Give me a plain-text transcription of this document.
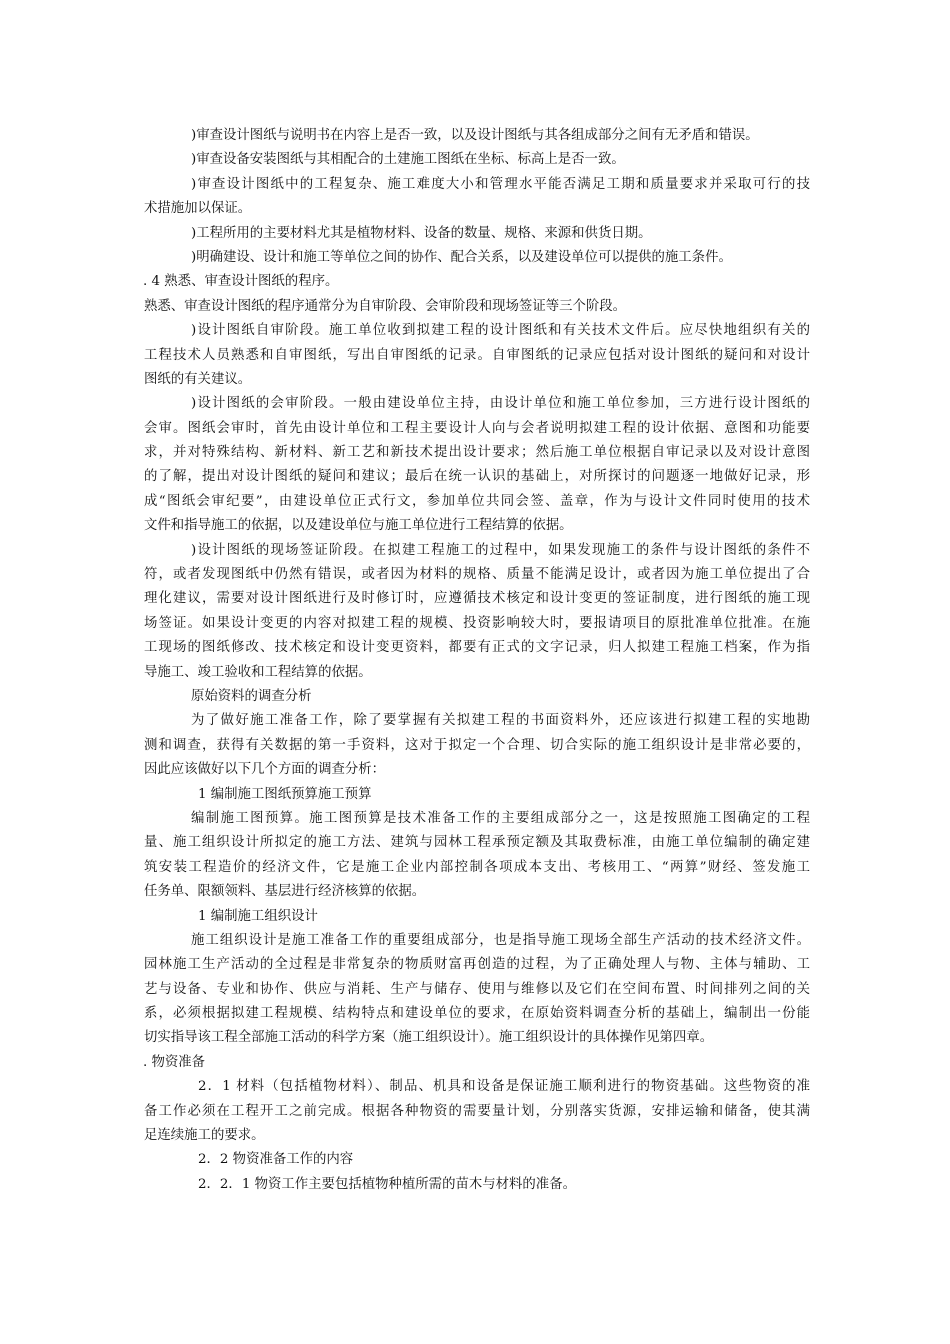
)审查设计图纸与说明书在内容上是否一致，以及设计图纸与其各组成部分之间有无矛盾和错误。
)审查设备安装图纸与其相配合的土建施工图纸在坐标、标高上是否一致。
)审查设计图纸中的工程复杂、施工难度大小和管理水平能否满足工期和质量要求并采取可行的技
术措施加以保证。
)工程所用的主要材料尤其是植物材料、设备的数量、规格、来源和供货日期。
)明确建设、设计和施工等单位之间的协作、配合关系，以及建设单位可以提供的施工条件。
. 4 熟悉、审查设计图纸的程序。
熟悉、审查设计图纸的程序通常分为自审阶段、会审阶段和现场签证等三个阶段。
)设计图纸自审阶段。施工单位收到拟建工程的设计图纸和有关技术文件后。应尽快地组织有关的
工程技术人员熟悉和自审图纸，写出自审图纸的记录。自审图纸的记录应包括对设计图纸的疑问和对设计
图纸的有关建议。
)设计图纸的会审阶段。一般由建设单位主持，由设计单位和施工单位参加，三方进行设计图纸的
会审。图纸会审时，首先由设计单位和工程主要设计人向与会者说明拟建工程的设计依据、意图和功能要
求，并对特殊结构、新材料、新工艺和新技术提出设计要求；然后施工单位根据自审记录以及对设计意图
的了解，提出对设计图纸的疑问和建议；最后在统一认识的基础上，对所探讨的问题逐一地做好记录，形
成“图纸会审纪要”，由建设单位正式行文，参加单位共同会签、盖章，作为与设计文件同时使用的技术
文件和指导施工的依据，以及建设单位与施工单位进行工程结算的依据。
)设计图纸的现场签证阶段。在拟建工程施工的过程中，如果发现施工的条件与设计图纸的条件不
符，或者发现图纸中仍然有错误，或者因为材料的规格、质量不能满足设计，或者因为施工单位提出了合
理化建议，需要对设计图纸进行及时修订时，应遵循技术核定和设计变更的签证制度，进行图纸的施工现
场签证。如果设计变更的内容对拟建工程的规模、投资影响较大时，要报请项目的原批准单位批准。在施
工现场的图纸修改、技术核定和设计变更资料，都要有正式的文字记录，归人拟建工程施工档案，作为指
导施工、竣工验收和工程结算的依据。
原始资料的调查分析
为了做好施工准备工作，除了要掌握有关拟建工程的书面资料外，还应该进行拟建工程的实地勘
测和调查，获得有关数据的第一手资料，这对于拟定一个合理、切合实际的施工组织设计是非常必要的，
因此应该做好以下几个方面的调查分析：
1 编制施工图纸预算施工预算
编制施工图预算。施工图预算是技术准备工作的主要组成部分之一，这是按照施工图确定的工程
量、施工组织设计所拟定的施工方法、建筑与园林工程承预定额及其取费标准，由施工单位编制的确定建
筑安装工程造价的经济文件，它是施工企业内部控制各项成本支出、考核用工、“两算”财经、签发施工
任务单、限额领料、基层进行经济核算的依据。
1 编制施工组织设计
施工组织设计是施工准备工作的重要组成部分，也是指导施工现场全部生产活动的技术经济文件。
园林施工生产活动的全过程是非常复杂的物质财富再创造的过程，为了正确处理人与物、主体与辅助、工
艺与设备、专业和协作、供应与消耗、生产与储存、使用与维修以及它们在空间布置、时间排列之间的关
系，必须根据拟建工程规模、结构特点和建设单位的要求，在原始资料调查分析的基础上，编制出一份能
切实指导该工程全部施工活动的科学方案（施工组织设计）。施工组织设计的具体操作见第四章。
. 物资准备
2．1 材料（包括植物材料）、制品、机具和设备是保证施工顺利进行的物资基础。这些物资的准
备工作必须在工程开工之前完成。根据各种物资的需要量计划，分别落实货源，安排运输和储备，使其满
足连续施工的要求。
2．2 物资准备工作的内容
2．2．1 物资工作主要包括植物种植所需的苗木与材料的准备。
